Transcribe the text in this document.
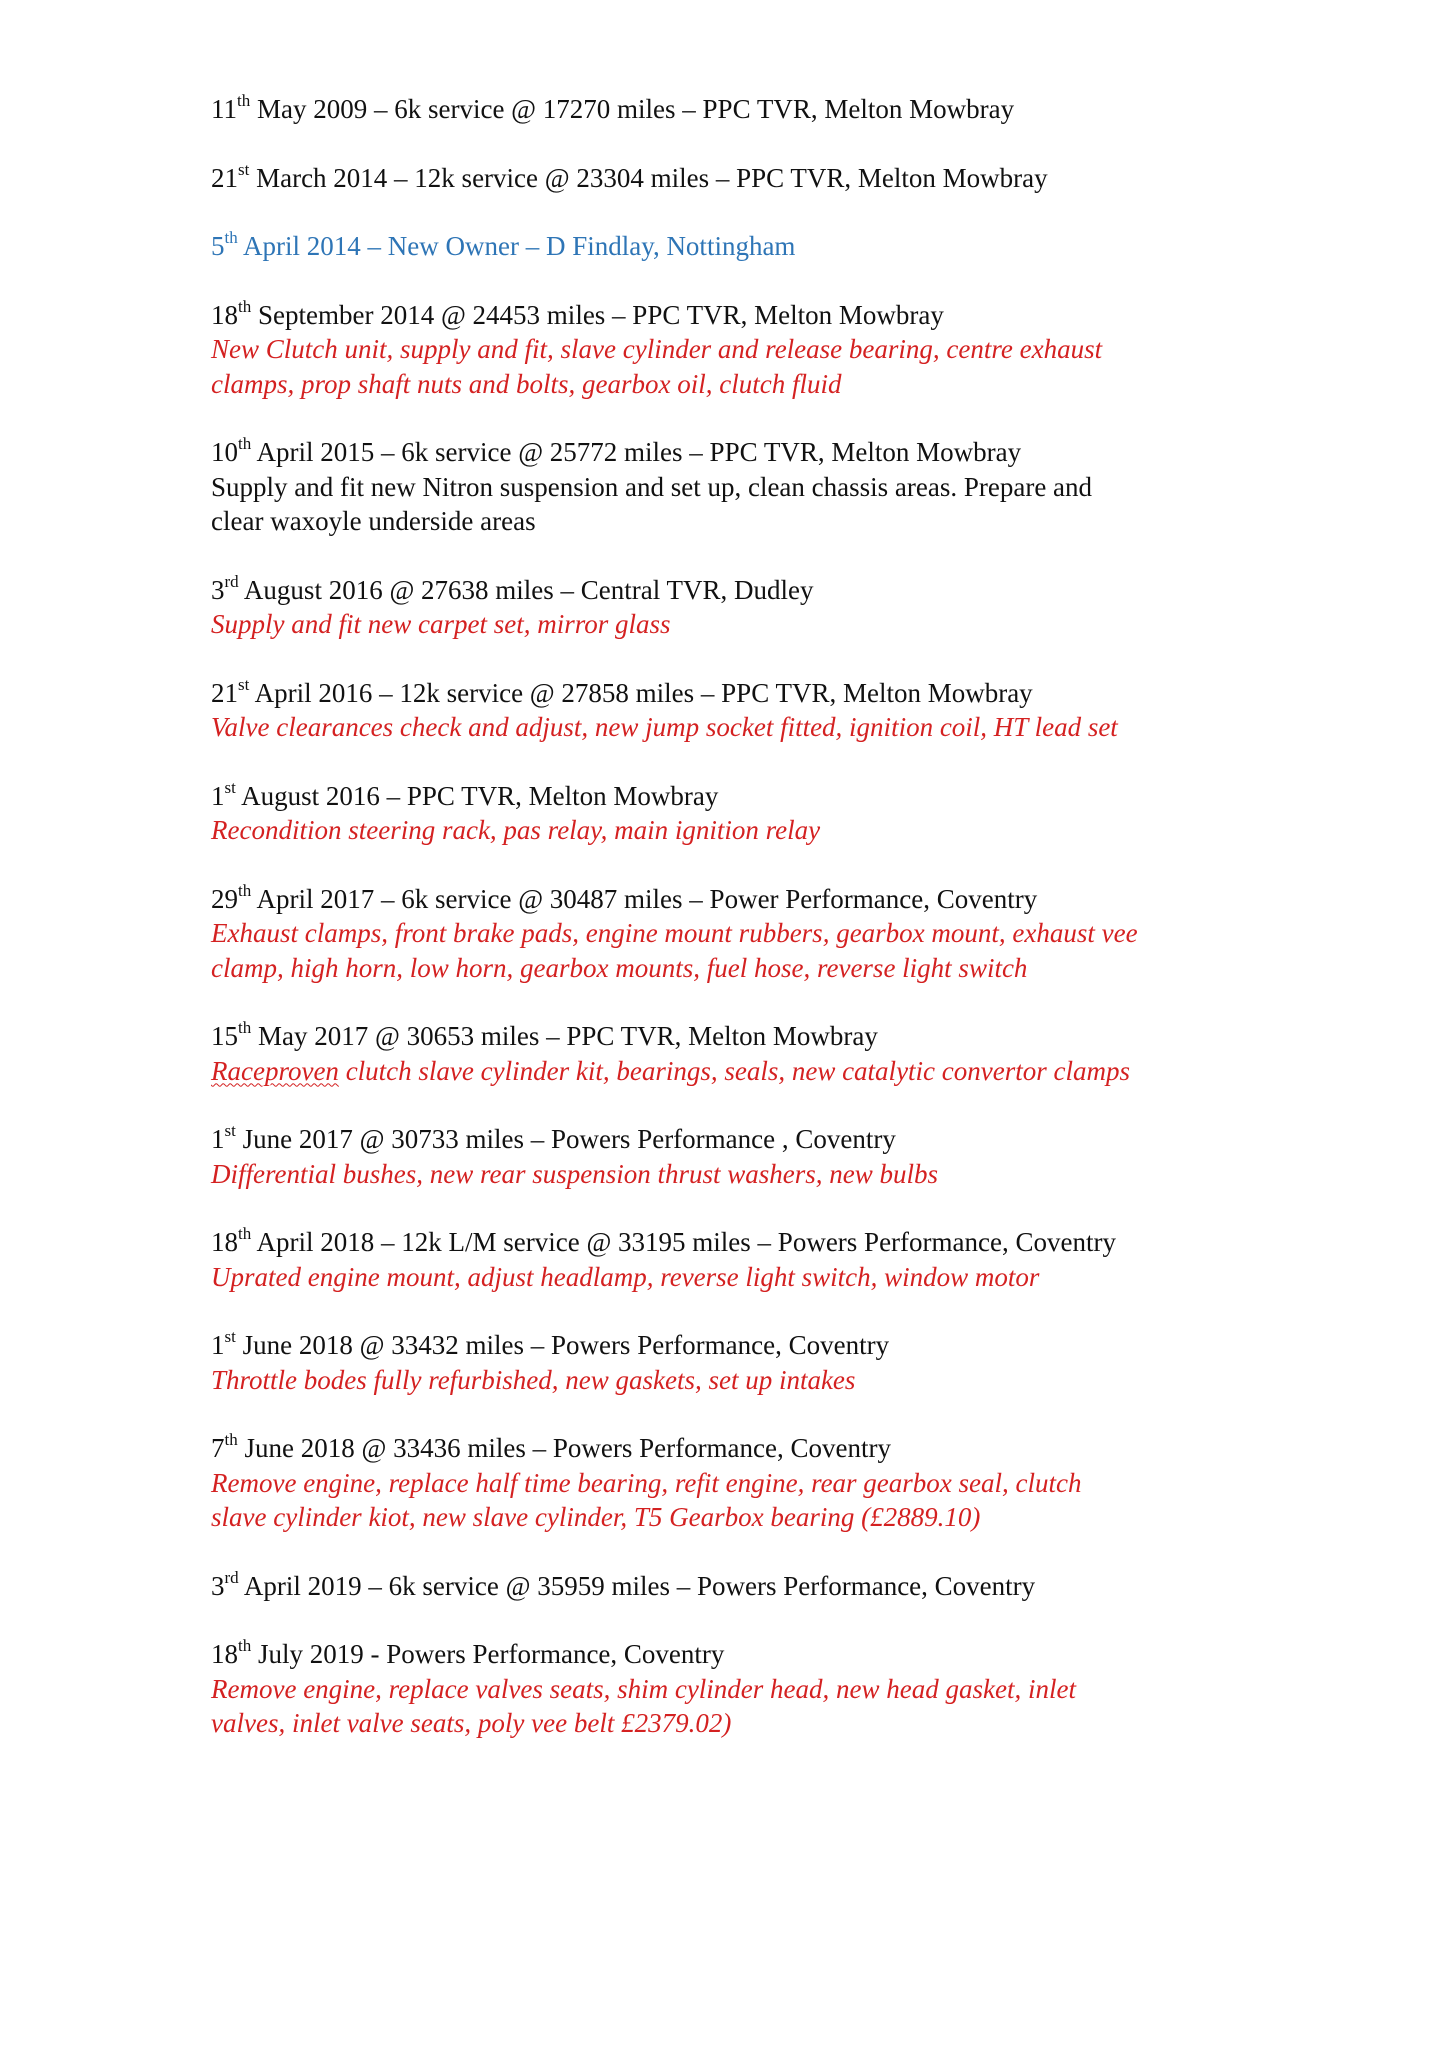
11th May 2009 – 6k service @ 17270 miles – PPC TVR, Melton Mowbray
21st March 2014 – 12k service @ 23304 miles – PPC TVR, Melton Mowbray
5th April 2014 – New Owner – D Findlay, Nottingham
18th September 2014 @ 24453 miles – PPC TVR, Melton Mowbray
New Clutch unit, supply and fit, slave cylinder and release bearing, centre exhaust
clamps, prop shaft nuts and bolts, gearbox oil, clutch fluid
10th April 2015 – 6k service @ 25772 miles – PPC TVR, Melton Mowbray
Supply and fit new Nitron suspension and set up, clean chassis areas. Prepare and
clear waxoyle underside areas
3rd August 2016 @ 27638 miles – Central TVR, Dudley
Supply and fit new carpet set, mirror glass
21st April 2016 – 12k service @ 27858 miles – PPC TVR, Melton Mowbray
Valve clearances check and adjust, new jump socket fitted, ignition coil, HT lead set
1st August 2016 – PPC TVR, Melton Mowbray
Recondition steering rack, pas relay, main ignition relay
29th April 2017 – 6k service @ 30487 miles – Power Performance, Coventry
Exhaust clamps, front brake pads, engine mount rubbers, gearbox mount, exhaust vee
clamp, high horn, low horn, gearbox mounts, fuel hose, reverse light switch
15th May 2017 @ 30653 miles – PPC TVR, Melton Mowbray
Raceproven clutch slave cylinder kit, bearings, seals, new catalytic convertor clamps
1st June 2017 @ 30733 miles – Powers Performance , Coventry
Differential bushes, new rear suspension thrust washers, new bulbs
18th April 2018 – 12k L/M service @ 33195 miles – Powers Performance, Coventry
Uprated engine mount, adjust headlamp, reverse light switch, window motor
1st June 2018 @ 33432 miles – Powers Performance, Coventry
Throttle bodes fully refurbished, new gaskets, set up intakes
7th June 2018 @ 33436 miles – Powers Performance, Coventry
Remove engine, replace half time bearing, refit engine, rear gearbox seal, clutch
slave cylinder kiot, new slave cylinder, T5 Gearbox bearing (£2889.10)
3rd April 2019 – 6k service @ 35959 miles – Powers Performance, Coventry
18th July 2019 - Powers Performance, Coventry
Remove engine, replace valves seats, shim cylinder head, new head gasket, inlet
valves, inlet valve seats, poly vee belt £2379.02)
